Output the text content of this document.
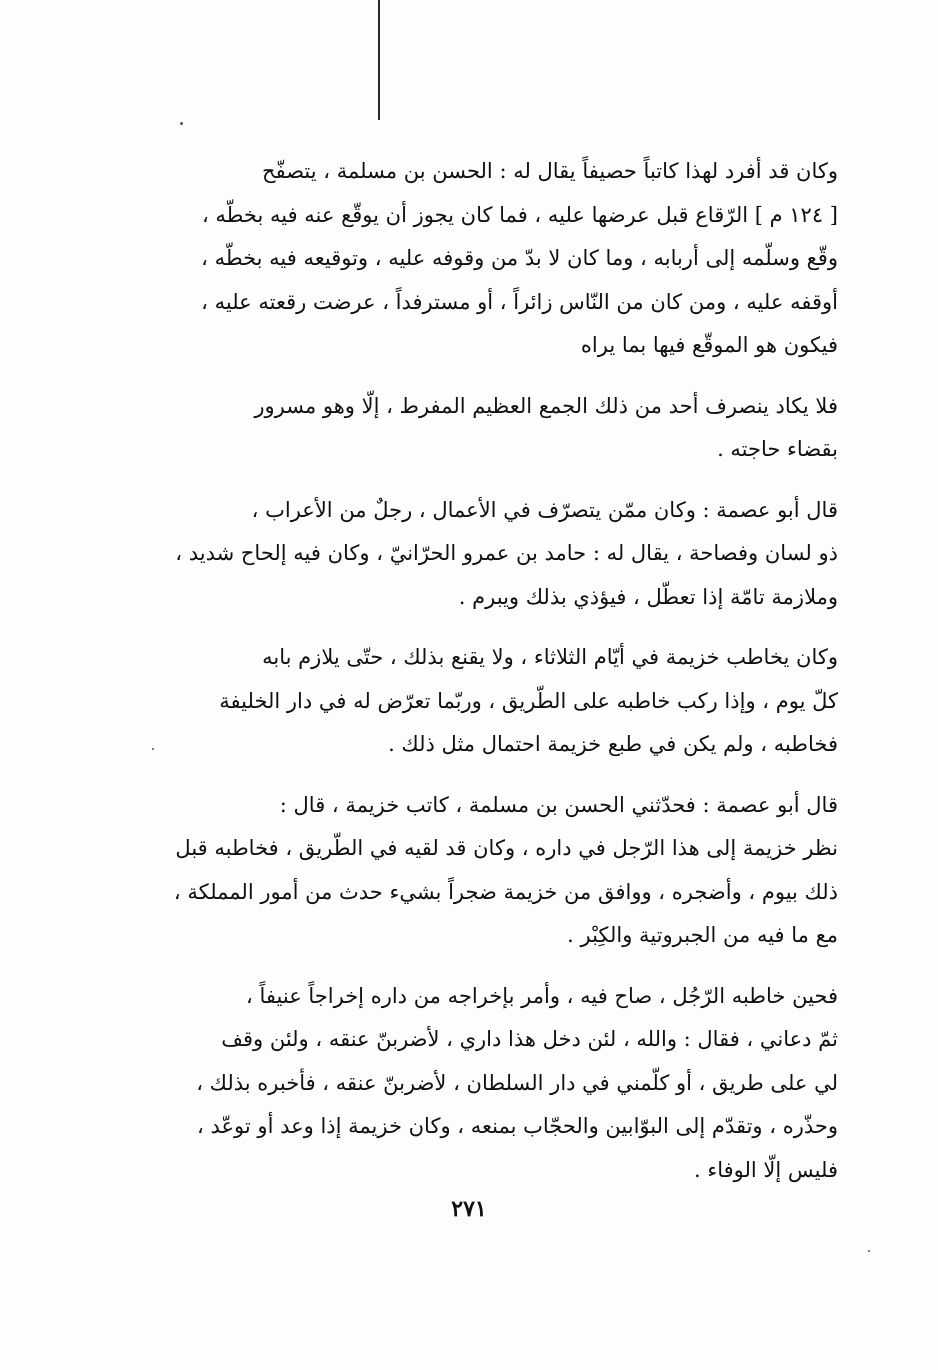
وكان قد أفرد لهذا كاتباً حصيفاً يقال له : الحسن بن مسلمة ، يتصفّح
[ ١٢٤ م ] الرّقاع قبل عرضها عليه ، فما كان يجوز أن يوقّع عنه فيه بخطّه ،
وقّع وسلّمه إلى أربابه ، وما كان لا بدّ من وقوفه عليه ، وتوقيعه فيه بخطّه ،
أوقفه عليه ، ومن كان من النّاس زائراً ، أو مسترفداً ، عرضت رقعته عليه ،
فيكون هو الموقّع فيها بما يراه

فلا يكاد ينصرف أحد من ذلك الجمع العظيم المفرط ، إلّا وهو مسرور
بقضاء حاجته .

قال أبو عصمة : وكان ممّن يتصرّف في الأعمال ، رجلٌ من الأعراب ،
ذو لسان وفصاحة ، يقال له : حامد بن عمرو الحرّانيّ ، وكان فيه إلحاح شديد ،
وملازمة تامّة إذا تعطّل ، فيؤذي بذلك ويبرم .

وكان يخاطب خزيمة في أيّام الثلاثاء ، ولا يقنع بذلك ، حتّى يلازم بابه
كلّ يوم ، وإذا ركب خاطبه على الطّريق ، وربّما تعرّض له في دار الخليفة
فخاطبه ، ولم يكن في طبع خزيمة احتمال مثل ذلك .

قال أبو عصمة : فحدّثني الحسن بن مسلمة ، كاتب خزيمة ، قال :
نظر خزيمة إلى هذا الرّجل في داره ، وكان قد لقيه في الطّريق ، فخاطبه قبل
ذلك بيوم ، وأضجره ، ووافق من خزيمة ضجراً بشيء حدث من أمور المملكة ،
مع ما فيه من الجبروتية والكِبْر .

فحين خاطبه الرّجُل ، صاح فيه ، وأمر بإخراجه من داره إخراجاً عنيفاً ،
ثمّ دعاني ، فقال : والله ، لئن دخل هذا داري ، لأضربنّ عنقه ، ولئن وقف
لي على طريق ، أو كلّمني في دار السلطان ، لأضربنّ عنقه ، فأخبره بذلك ،
وحذّره ، وتقدّم إلى البوّابين والحجّاب بمنعه ، وكان خزيمة إذا وعد أو توعّد ،
فليس إلّا الوفاء .

٢٧١
